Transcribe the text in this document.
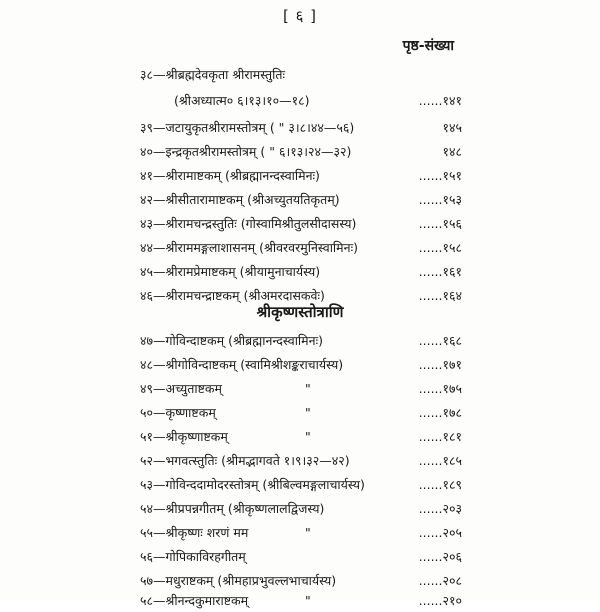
[ ६ ]
पृष्ठ-संख्या
श्रीकृष्णस्तोत्राणि
३८—श्रीब्रह्मदेवकृता श्रीरामस्तुतिः
(श्रीअध्यात्म० ६।१३।१०—१८)	......१४१
३९—जटायुकृतश्रीरामस्तोत्रम् ( " ३।८।४४—५६)	१४५
४०—इन्द्रकृतश्रीरामस्तोत्रम् ( " ६।१३।२४—३२)	१४८
४१—श्रीरामाष्टकम् (श्रीब्रह्मानन्दस्वामिनः)	......१५१
४२—श्रीसीतारामाष्टकम् (श्रीअच्युतयतिकृतम्)	......१५३
४३—श्रीरामचन्द्रस्तुतिः (गोस्वामिश्रीतुलसीदासस्य)	......१५६
४४—श्रीराममङ्गलाशासनम् (श्रीवरवरमुनिस्वामिनः)	......१५८
४५—श्रीरामप्रेमाष्टकम् (श्रीयामुनाचार्यस्य)	......१६१
४६—श्रीरामचन्द्राष्टकम् (श्रीअमरदासकवेः)	......१६४
४७—गोविन्दाष्टकम् (श्रीब्रह्मानन्दस्वामिनः)	......१६८
४८—श्रीगोविन्दाष्टकम् (स्वामिश्रीशङ्कराचार्यस्य)	......१७१
४९—अच्युताष्टकम्	"	......१७५
५०—कृष्णाष्टकम्	"	......१७८
५१—श्रीकृष्णाष्टकम्	"	......१८१
५२—भगवत्स्तुतिः (श्रीमद्भागवते १।९।३२—४२)	......१८५
५३—गोविन्ददामोदरस्तोत्रम् (श्रीबिल्वमङ्गलाचार्यस्य)	......१८९
५४—श्रीप्रपन्नगीतम् (श्रीकृष्णलालद्विजस्य)	......२०३
५५—श्रीकृष्णः शरणं मम	"	......२०५
५६—गोपिकाविरहगीतम्	......२०६
५७—मधुराष्टकम् (श्रीमहाप्रभुवल्लभाचार्यस्य)	......२०८
५८—श्रीनन्दकुमाराष्टकम्	"	......२१०
